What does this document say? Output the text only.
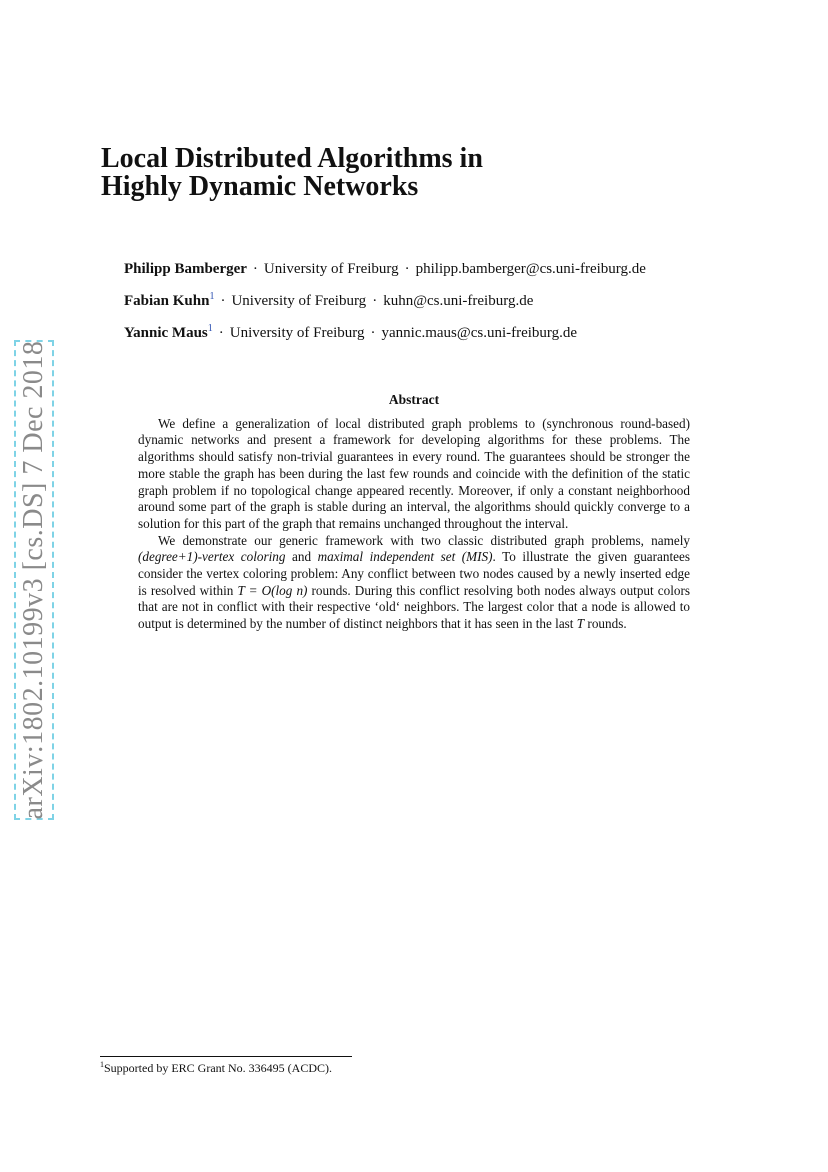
arXiv:1802.10199v3 [cs.DS] 7 Dec 2018
Local Distributed Algorithms in
Highly Dynamic Networks
Philipp Bamberger · University of Freiburg · philipp.bamberger@cs.uni-freiburg.de
Fabian Kuhn$^1$ · University of Freiburg · kuhn@cs.uni-freiburg.de
Yannic Maus$^1$ · University of Freiburg · yannic.maus@cs.uni-freiburg.de
Abstract

We define a generalization of local distributed graph problems to (synchronous round-based) dynamic networks and present a framework for developing algorithms for these problems. The algorithms should satisfy non-trivial guarantees in every round. The guarantees should be stronger the more stable the graph has been during the last few rounds and coincide with the definition of the static graph problem if no topological change appeared recently. Moreover, if only a constant neighborhood around some part of the graph is stable during an interval, the algorithms should quickly converge to a solution for this part of the graph that remains unchanged throughout the interval.

We demonstrate our generic framework with two classic distributed graph problems, namely (degree+1)-vertex coloring and maximal independent set (MIS). To illustrate the given guarantees consider the vertex coloring problem: Any conflict between two nodes caused by a newly inserted edge is resolved within T = O(log n) rounds. During this conflict resolving both nodes always output colors that are not in conflict with their respective ‘old‘ neighbors. The largest color that a node is allowed to output is determined by the number of distinct neighbors that it has seen in the last T rounds.

$^1$Supported by ERC Grant No. 336495 (ACDC).
